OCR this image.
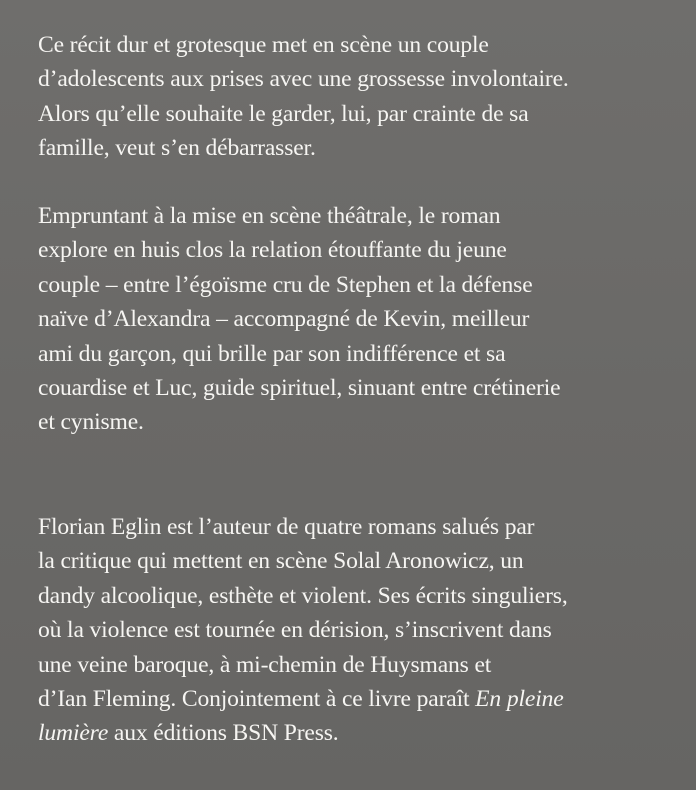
Ce récit dur et grotesque met en scène un couple
d’adolescents aux prises avec une grossesse involontaire.
Alors qu’elle souhaite le garder, lui, par crainte de sa
famille, veut s’en débarrasser.

Empruntant à la mise en scène théâtrale, le roman
explore en huis clos la relation étouffante du jeune
couple – entre l’égoïsme cru de Stephen et la défense
naïve d’Alexandra – accompagné de Kevin, meilleur
ami du garçon, qui brille par son indifférence et sa
couardise et Luc, guide spirituel, sinuant entre crétinerie
et cynisme.

Florian Eglin est l’auteur de quatre romans salués par
la critique qui mettent en scène Solal Aronowicz, un
dandy alcoolique, esthète et violent. Ses écrits singuliers,
où la violence est tournée en dérision, s’inscrivent dans
une veine baroque, à mi-chemin de Huysmans et
d’Ian Fleming. Conjointement à ce livre paraît En pleine
lumière aux éditions BSN Press.
